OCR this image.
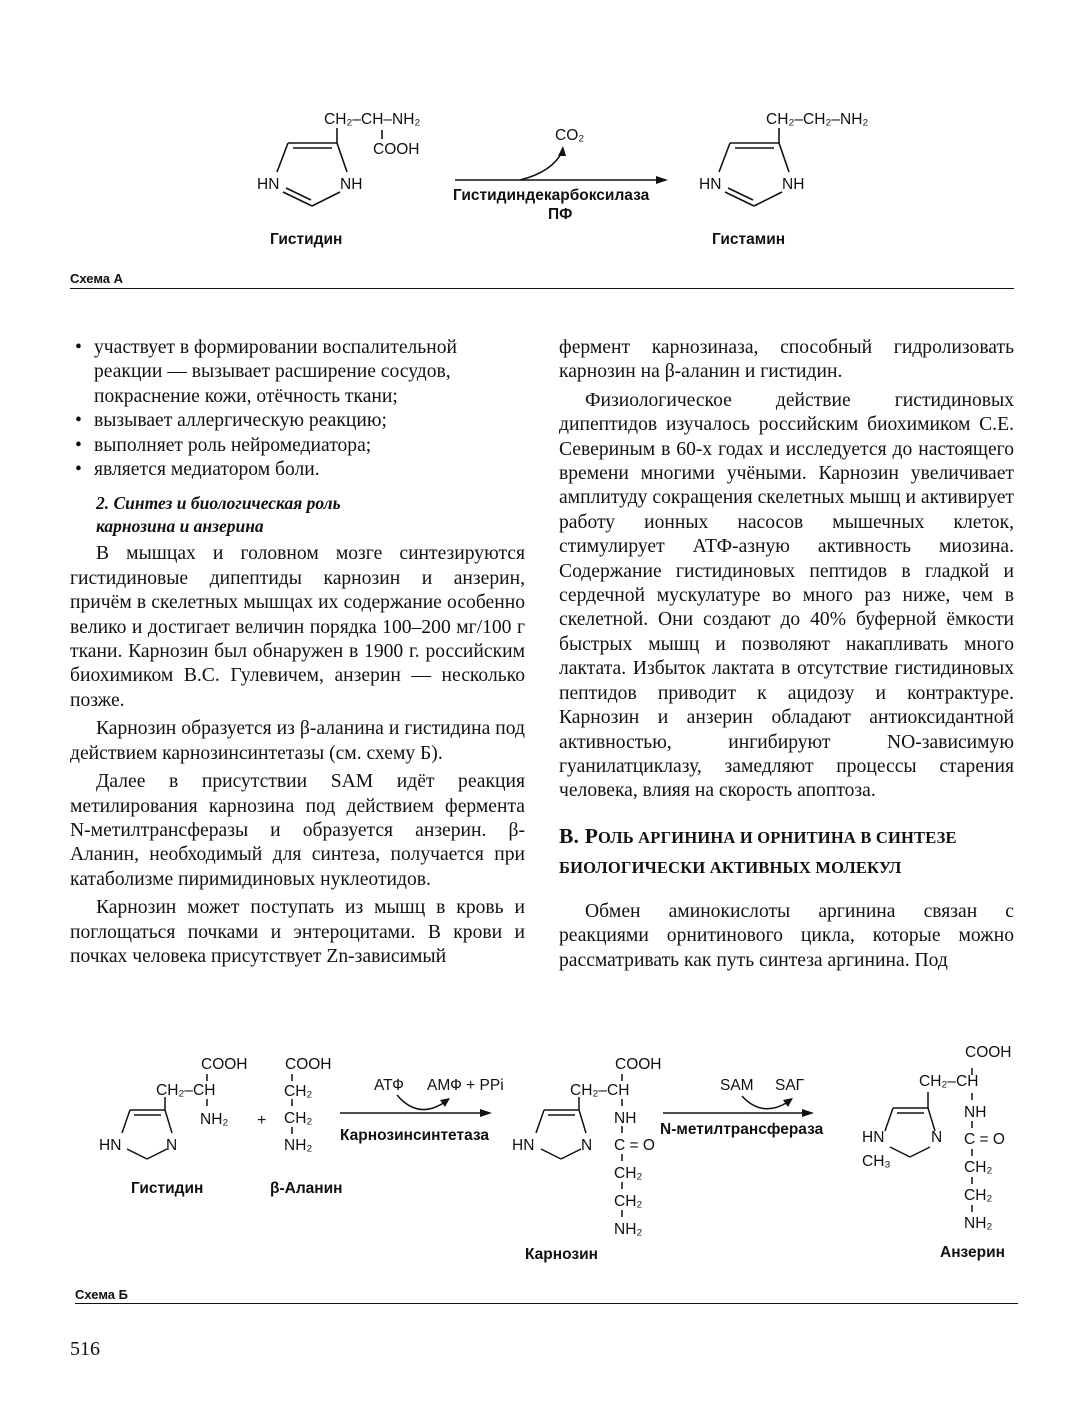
CH₂–CH–NH₂
COOH
HN	NH
Гистидин
CO₂
Гистидиндекарбоксилаза
ПФ
CH₂–CH₂–NH₂
HN	NH
Гистамин
Схема А
• участвует в формировании воспалительной реакции — вызывает расширение сосудов, покраснение кожи, отёчность ткани;
• вызывает аллергическую реакцию;
• выполняет роль нейромедиатора;
• является медиатором боли.

2. Синтез и биологическая роль карнозина и анзерина

В мышцах и головном мозге синтезируются гистидиновые дипептиды карнозин и анзерин, причём в скелетных мышцах их содержание особенно велико и достигает величин порядка 100–200 мг/100 г ткани. Карнозин был обнаружен в 1900 г. российским биохимиком В.С. Гулевичем, анзерин — несколько позже.

Карнозин образуется из β-аланина и гистидина под действием карнозинсинтетазы (см. схему Б).

Далее в присутствии SAM идёт реакция метилирования карнозина под действием фермента N-метилтрансферазы и образуется анзерин. β-Аланин, необходимый для синтеза, получается при катаболизме пиримидиновых нуклеотидов.

Карнозин может поступать из мышц в кровь и поглощаться почками и энтероцитами. В крови и почках человека присутствует Zn-зависимый

фермент карнозиназа, способный гидролизовать карнозин на β-аланин и гистидин.

Физиологическое действие гистидиновых дипептидов изучалось российским биохимиком С.Е. Севериным в 60-х годах и исследуется до настоящего времени многими учёными. Карнозин увеличивает амплитуду сокращения скелетных мышц и активирует работу ионных насосов мышечных клеток, стимулирует АТФ-азную активность миозина. Содержание гистидиновых пептидов в гладкой и сердечной мускулатуре во много раз ниже, чем в скелетной. Они создают до 40% буферной ёмкости быстрых мышц и позволяют накапливать много лактата. Избыток лактата в отсутствие гистидиновых пептидов приводит к ацидозу и контрактуре. Карнозин и анзерин обладают антиоксидантной активностью, ингибируют NO-зависимую гуанилатциклазу, замедляют процессы старения человека, влияя на скорость апоптоза.

В. РОЛЬ АРГИНИНА И ОРНИТИНА В СИНТЕЗЕ БИОЛОГИЧЕСКИ АКТИВНЫХ МОЛЕКУЛ

Обмен аминокислоты аргинина связан с реакциями орнитинового цикла, которые можно рассматривать как путь синтеза аргинина. Под

COOH
CH₂–CH
NH₂
HN	N
Гистидин
+
COOH
CH₂
CH₂
NH₂
β-Аланин
АТФ АМФ + PPi
Карнозинсинтетаза
COOH
CH₂–CH
NH
C = O
CH₂
CH₂
NH₂
HN	N
Карнозин
SAM SAГ
N-метилтрансфераза
COOH
CH₂–CH
NH
C = O
CH₂
CH₂
NH₂
HN	N
CH₃
Анзерин
Схема Б
516
